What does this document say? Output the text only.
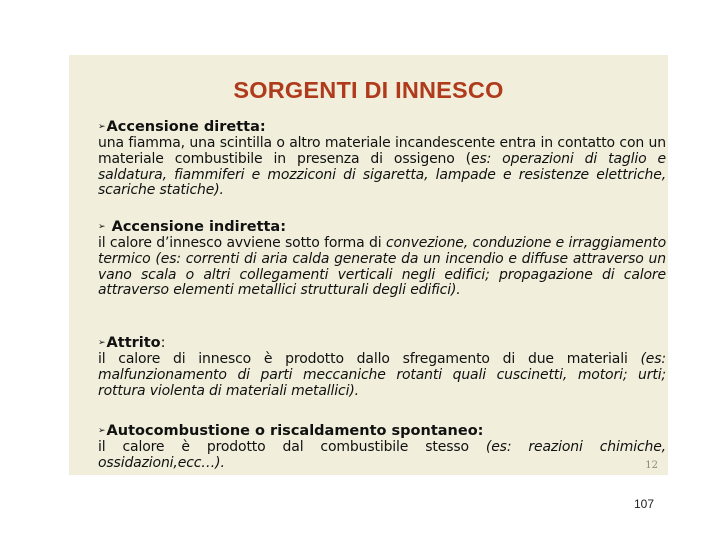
SORGENTI DI INNESCO
➢Accensione diretta:
una fiamma, una scintilla o altro materiale incandescente entra in contatto con un materiale combustibile in presenza di ossigeno (es: operazioni di taglio e saldatura, fiammiferi e mozziconi di sigaretta, lampade e resistenze elettriche, scariche statiche).
➢ Accensione indiretta:
il calore d’innesco avviene sotto forma di convezione, conduzione e irraggiamento termico (es: correnti di aria calda generate da un incendio e diffuse attraverso un vano scala o altri collegamenti verticali negli edifici; propagazione di calore attraverso elementi metallici strutturali degli edifici).
➢Attrito:
il calore di innesco è prodotto dallo sfregamento di due materiali (es: malfunzionamento di parti meccaniche rotanti quali cuscinetti, motori; urti; rottura violenta di materiali metallici).
➢Autocombustione o riscaldamento spontaneo:
il calore è prodotto dal combustibile stesso (es: reazioni chimiche, ossidazioni,ecc…).	12
107
